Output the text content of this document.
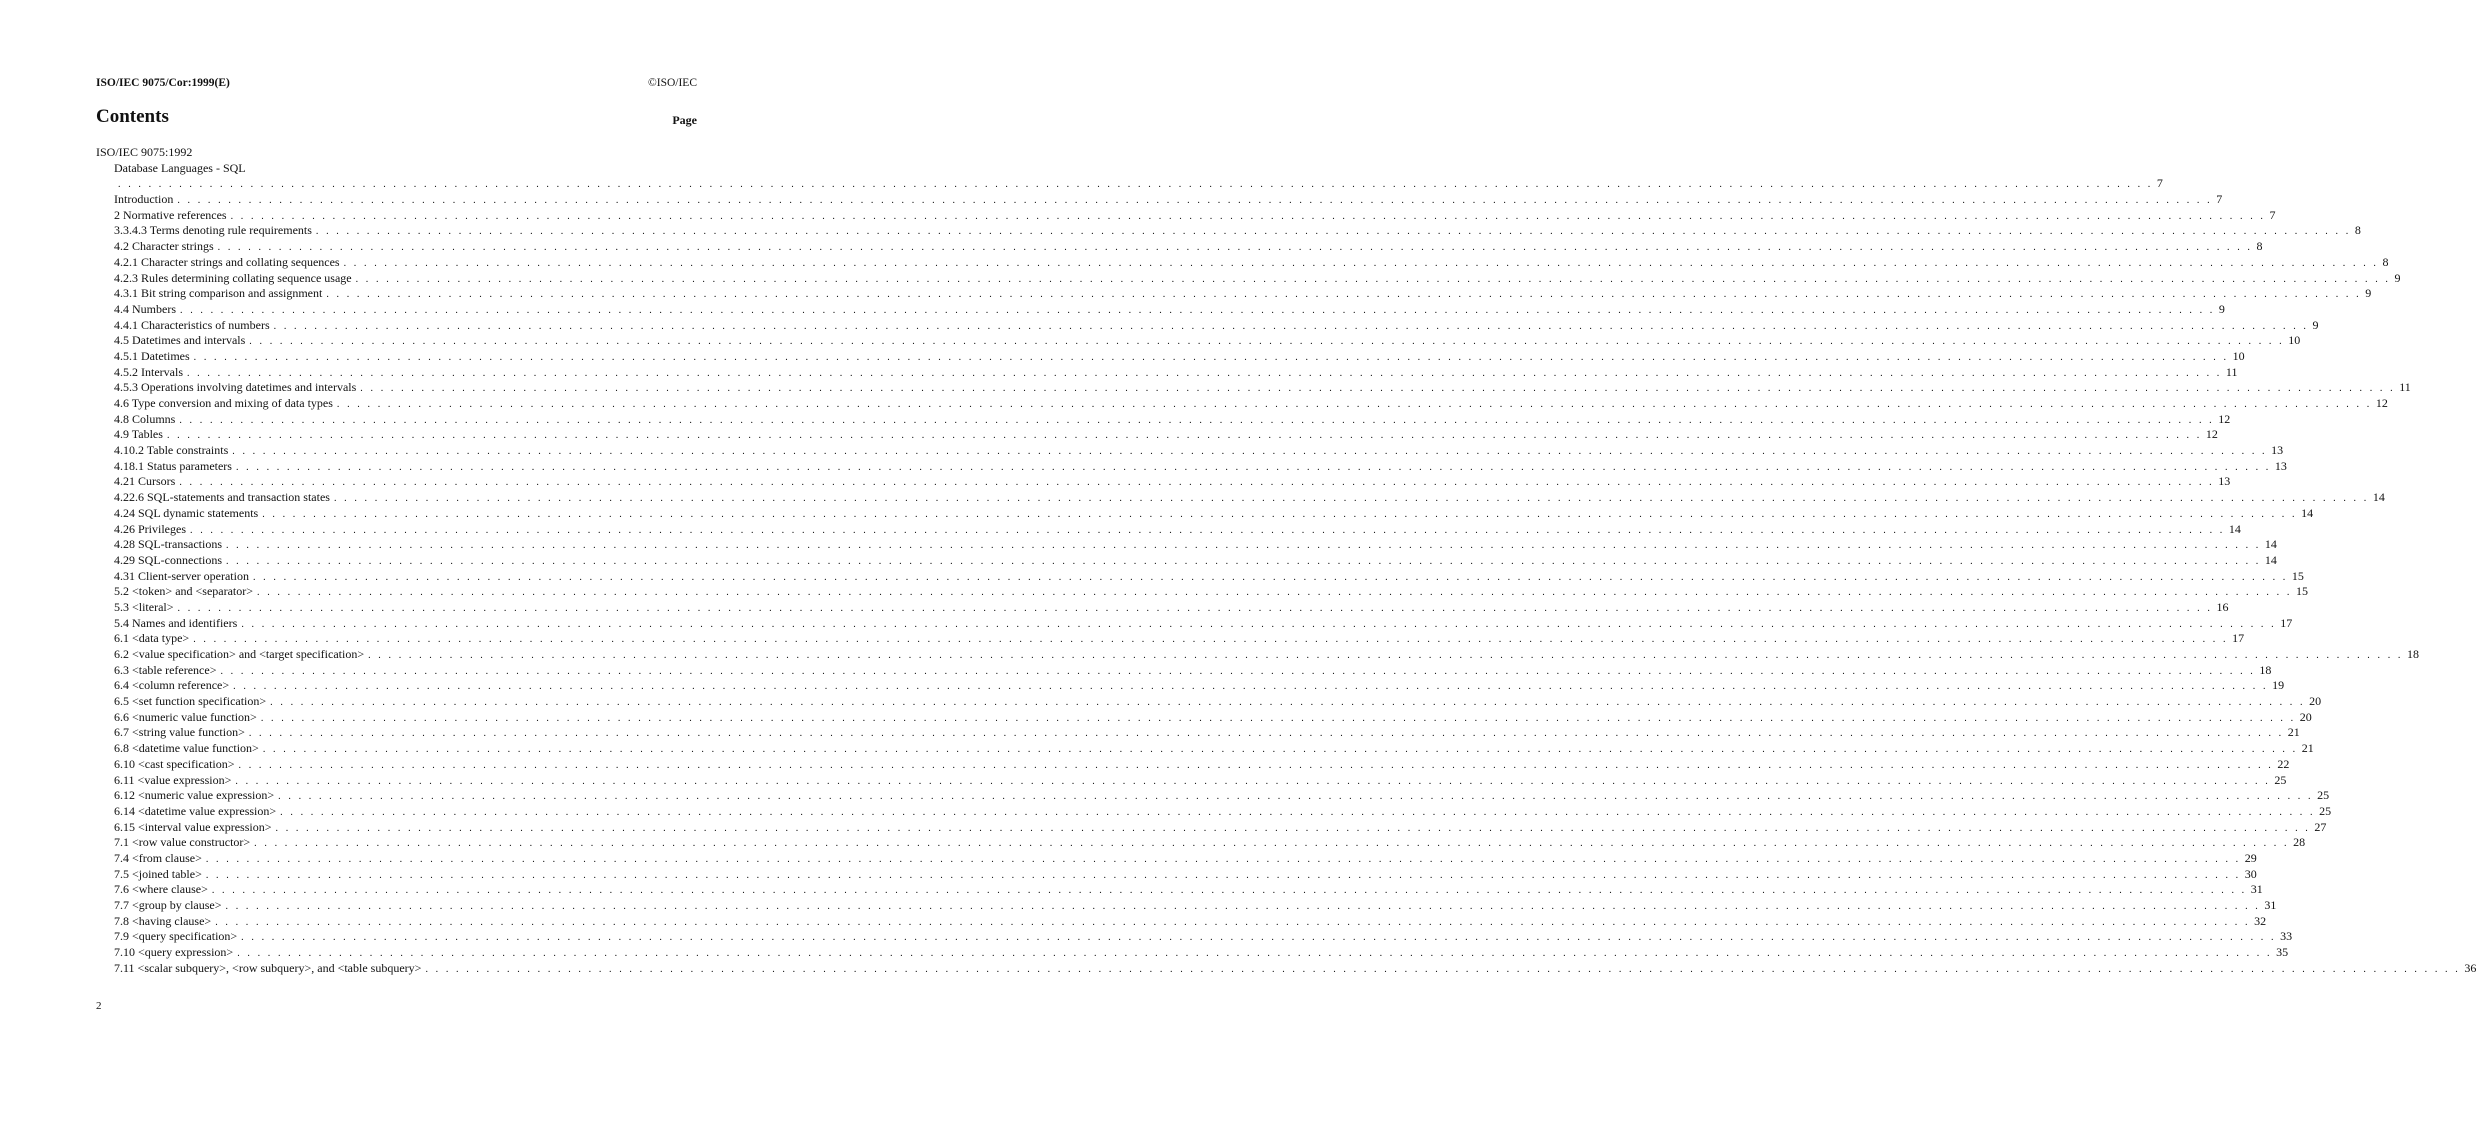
ISO/IEC 9075/Cor:1999(E)	©ISO/IEC
Contents	Page
ISO/IEC 9075:1992
Database Languages - SQL
. . . . . . . . . . . . . . . . . . . . . . . . . . . . . . . . . . . . . . . . . . . . . . . . . . . . . . . . . . . . . . . . . . . . . . . . . . . . . . . . . . . . . . . . . . . . . . . . . . . . . . . . . . . . . . . . . . . . . . . . . . . . . . . . . . . . . . . . . . . . . . . . . . . . . . . . . . . . . . . . . . . . . . . . . . . . . . . . . . . . . . . . . . . . . . . . . . . . . . . . 7
Introduction . . . . . . . . . . . . . . . . . . . . . . . . . . . . . . . . . . . . . . . . . . . . . . . . . . . . . . . . . . . . . . . . . . . . . . . . . . . . . . . . . . . . . . . . . . . . . . . . . . . . . . . . . . . . . . . . . . . . . . . . . . . . . . . . . . . . . . . . . . . . . . . . . . . . . . . . . . . . . . . . . . . . . . . . . . . . . . . . . . . . . . . . . . . . . . . . . . . . . . . . 7
2 Normative references . . . . . . . . . . . . . . . . . . . . . . . . . . . . . . . . . . . . . . . . . . . . . . . . . . . . . . . . . . . . . . . . . . . . . . . . . . . . . . . . . . . . . . . . . . . . . . . . . . . . . . . . . . . . . . . . . . . . . . . . . . . . . . . . . . . . . . . . . . . . . . . . . . . . . . . . . . . . . . . . . . . . . . . . . . . . . . . . . . . . . . . . . . . . . . . . . . . . . . . . 7
3.3.4.3 Terms denoting rule requirements . . . . . . . . . . . . . . . . . . . . . . . . . . . . . . . . . . . . . . . . . . . . . . . . . . . . . . . . . . . . . . . . . . . . . . . . . . . . . . . . . . . . . . . . . . . . . . . . . . . . . . . . . . . . . . . . . . . . . . . . . . . . . . . . . . . . . . . . . . . . . . . . . . . . . . . . . . . . . . . . . . . . . . . . . . . . . . . . . . . . . . . . . . . . . . . . . . . . . . . . 8
4.2 Character strings . . . . . . . . . . . . . . . . . . . . . . . . . . . . . . . . . . . . . . . . . . . . . . . . . . . . . . . . . . . . . . . . . . . . . . . . . . . . . . . . . . . . . . . . . . . . . . . . . . . . . . . . . . . . . . . . . . . . . . . . . . . . . . . . . . . . . . . . . . . . . . . . . . . . . . . . . . . . . . . . . . . . . . . . . . . . . . . . . . . . . . . . . . . . . . . . . . . . . . . . 8
4.2.1 Character strings and collating sequences . . . . . . . . . . . . . . . . . . . . . . . . . . . . . . . . . . . . . . . . . . . . . . . . . . . . . . . . . . . . . . . . . . . . . . . . . . . . . . . . . . . . . . . . . . . . . . . . . . . . . . . . . . . . . . . . . . . . . . . . . . . . . . . . . . . . . . . . . . . . . . . . . . . . . . . . . . . . . . . . . . . . . . . . . . . . . . . . . . . . . . . . . . . . . . . . . . . . . . . . 8
4.2.3 Rules determining collating sequence usage . . . . . . . . . . . . . . . . . . . . . . . . . . . . . . . . . . . . . . . . . . . . . . . . . . . . . . . . . . . . . . . . . . . . . . . . . . . . . . . . . . . . . . . . . . . . . . . . . . . . . . . . . . . . . . . . . . . . . . . . . . . . . . . . . . . . . . . . . . . . . . . . . . . . . . . . . . . . . . . . . . . . . . . . . . . . . . . . . . . . . . . . . . . . . . . . . . . . . . . . 9
4.3.1 Bit string comparison and assignment . . . . . . . . . . . . . . . . . . . . . . . . . . . . . . . . . . . . . . . . . . . . . . . . . . . . . . . . . . . . . . . . . . . . . . . . . . . . . . . . . . . . . . . . . . . . . . . . . . . . . . . . . . . . . . . . . . . . . . . . . . . . . . . . . . . . . . . . . . . . . . . . . . . . . . . . . . . . . . . . . . . . . . . . . . . . . . . . . . . . . . . . . . . . . . . . . . . . . . . . 9
4.4 Numbers . . . . . . . . . . . . . . . . . . . . . . . . . . . . . . . . . . . . . . . . . . . . . . . . . . . . . . . . . . . . . . . . . . . . . . . . . . . . . . . . . . . . . . . . . . . . . . . . . . . . . . . . . . . . . . . . . . . . . . . . . . . . . . . . . . . . . . . . . . . . . . . . . . . . . . . . . . . . . . . . . . . . . . . . . . . . . . . . . . . . . . . . . . . . . . . . . . . . . . . . 9
4.4.1 Characteristics of numbers . . . . . . . . . . . . . . . . . . . . . . . . . . . . . . . . . . . . . . . . . . . . . . . . . . . . . . . . . . . . . . . . . . . . . . . . . . . . . . . . . . . . . . . . . . . . . . . . . . . . . . . . . . . . . . . . . . . . . . . . . . . . . . . . . . . . . . . . . . . . . . . . . . . . . . . . . . . . . . . . . . . . . . . . . . . . . . . . . . . . . . . . . . . . . . . . . . . . . . . . 9
4.5 Datetimes and intervals . . . . . . . . . . . . . . . . . . . . . . . . . . . . . . . . . . . . . . . . . . . . . . . . . . . . . . . . . . . . . . . . . . . . . . . . . . . . . . . . . . . . . . . . . . . . . . . . . . . . . . . . . . . . . . . . . . . . . . . . . . . . . . . . . . . . . . . . . . . . . . . . . . . . . . . . . . . . . . . . . . . . . . . . . . . . . . . . . . . . . . . . . . . . . . . . . . . . . . . . 10
4.5.1 Datetimes . . . . . . . . . . . . . . . . . . . . . . . . . . . . . . . . . . . . . . . . . . . . . . . . . . . . . . . . . . . . . . . . . . . . . . . . . . . . . . . . . . . . . . . . . . . . . . . . . . . . . . . . . . . . . . . . . . . . . . . . . . . . . . . . . . . . . . . . . . . . . . . . . . . . . . . . . . . . . . . . . . . . . . . . . . . . . . . . . . . . . . . . . . . . . . . . . . . . . . . . 10
4.5.2 Intervals . . . . . . . . . . . . . . . . . . . . . . . . . . . . . . . . . . . . . . . . . . . . . . . . . . . . . . . . . . . . . . . . . . . . . . . . . . . . . . . . . . . . . . . . . . . . . . . . . . . . . . . . . . . . . . . . . . . . . . . . . . . . . . . . . . . . . . . . . . . . . . . . . . . . . . . . . . . . . . . . . . . . . . . . . . . . . . . . . . . . . . . . . . . . . . . . . . . . . . . . 11
4.5.3 Operations involving datetimes and intervals . . . . . . . . . . . . . . . . . . . . . . . . . . . . . . . . . . . . . . . . . . . . . . . . . . . . . . . . . . . . . . . . . . . . . . . . . . . . . . . . . . . . . . . . . . . . . . . . . . . . . . . . . . . . . . . . . . . . . . . . . . . . . . . . . . . . . . . . . . . . . . . . . . . . . . . . . . . . . . . . . . . . . . . . . . . . . . . . . . . . . . . . . . . . . . . . . . . . . . . . 11
4.6 Type conversion and mixing of data types . . . . . . . . . . . . . . . . . . . . . . . . . . . . . . . . . . . . . . . . . . . . . . . . . . . . . . . . . . . . . . . . . . . . . . . . . . . . . . . . . . . . . . . . . . . . . . . . . . . . . . . . . . . . . . . . . . . . . . . . . . . . . . . . . . . . . . . . . . . . . . . . . . . . . . . . . . . . . . . . . . . . . . . . . . . . . . . . . . . . . . . . . . . . . . . . . . . . . . . . 12
4.8 Columns . . . . . . . . . . . . . . . . . . . . . . . . . . . . . . . . . . . . . . . . . . . . . . . . . . . . . . . . . . . . . . . . . . . . . . . . . . . . . . . . . . . . . . . . . . . . . . . . . . . . . . . . . . . . . . . . . . . . . . . . . . . . . . . . . . . . . . . . . . . . . . . . . . . . . . . . . . . . . . . . . . . . . . . . . . . . . . . . . . . . . . . . . . . . . . . . . . . . . . . . 12
4.9 Tables . . . . . . . . . . . . . . . . . . . . . . . . . . . . . . . . . . . . . . . . . . . . . . . . . . . . . . . . . . . . . . . . . . . . . . . . . . . . . . . . . . . . . . . . . . . . . . . . . . . . . . . . . . . . . . . . . . . . . . . . . . . . . . . . . . . . . . . . . . . . . . . . . . . . . . . . . . . . . . . . . . . . . . . . . . . . . . . . . . . . . . . . . . . . . . . . . . . . . . . . 12
4.10.2 Table constraints . . . . . . . . . . . . . . . . . . . . . . . . . . . . . . . . . . . . . . . . . . . . . . . . . . . . . . . . . . . . . . . . . . . . . . . . . . . . . . . . . . . . . . . . . . . . . . . . . . . . . . . . . . . . . . . . . . . . . . . . . . . . . . . . . . . . . . . . . . . . . . . . . . . . . . . . . . . . . . . . . . . . . . . . . . . . . . . . . . . . . . . . . . . . . . . . . . . . . . . . 13
4.18.1 Status parameters . . . . . . . . . . . . . . . . . . . . . . . . . . . . . . . . . . . . . . . . . . . . . . . . . . . . . . . . . . . . . . . . . . . . . . . . . . . . . . . . . . . . . . . . . . . . . . . . . . . . . . . . . . . . . . . . . . . . . . . . . . . . . . . . . . . . . . . . . . . . . . . . . . . . . . . . . . . . . . . . . . . . . . . . . . . . . . . . . . . . . . . . . . . . . . . . . . . . . . . . 13
4.21 Cursors . . . . . . . . . . . . . . . . . . . . . . . . . . . . . . . . . . . . . . . . . . . . . . . . . . . . . . . . . . . . . . . . . . . . . . . . . . . . . . . . . . . . . . . . . . . . . . . . . . . . . . . . . . . . . . . . . . . . . . . . . . . . . . . . . . . . . . . . . . . . . . . . . . . . . . . . . . . . . . . . . . . . . . . . . . . . . . . . . . . . . . . . . . . . . . . . . . . . . . . . 13
4.22.6 SQL-statements and transaction states . . . . . . . . . . . . . . . . . . . . . . . . . . . . . . . . . . . . . . . . . . . . . . . . . . . . . . . . . . . . . . . . . . . . . . . . . . . . . . . . . . . . . . . . . . . . . . . . . . . . . . . . . . . . . . . . . . . . . . . . . . . . . . . . . . . . . . . . . . . . . . . . . . . . . . . . . . . . . . . . . . . . . . . . . . . . . . . . . . . . . . . . . . . . . . . . . . . . . . . . 14
4.24 SQL dynamic statements . . . . . . . . . . . . . . . . . . . . . . . . . . . . . . . . . . . . . . . . . . . . . . . . . . . . . . . . . . . . . . . . . . . . . . . . . . . . . . . . . . . . . . . . . . . . . . . . . . . . . . . . . . . . . . . . . . . . . . . . . . . . . . . . . . . . . . . . . . . . . . . . . . . . . . . . . . . . . . . . . . . . . . . . . . . . . . . . . . . . . . . . . . . . . . . . . . . . . . . . 14
4.26 Privileges . . . . . . . . . . . . . . . . . . . . . . . . . . . . . . . . . . . . . . . . . . . . . . . . . . . . . . . . . . . . . . . . . . . . . . . . . . . . . . . . . . . . . . . . . . . . . . . . . . . . . . . . . . . . . . . . . . . . . . . . . . . . . . . . . . . . . . . . . . . . . . . . . . . . . . . . . . . . . . . . . . . . . . . . . . . . . . . . . . . . . . . . . . . . . . . . . . . . . . . . 14
4.28 SQL-transactions . . . . . . . . . . . . . . . . . . . . . . . . . . . . . . . . . . . . . . . . . . . . . . . . . . . . . . . . . . . . . . . . . . . . . . . . . . . . . . . . . . . . . . . . . . . . . . . . . . . . . . . . . . . . . . . . . . . . . . . . . . . . . . . . . . . . . . . . . . . . . . . . . . . . . . . . . . . . . . . . . . . . . . . . . . . . . . . . . . . . . . . . . . . . . . . . . . . . . . . . 14
4.29 SQL-connections . . . . . . . . . . . . . . . . . . . . . . . . . . . . . . . . . . . . . . . . . . . . . . . . . . . . . . . . . . . . . . . . . . . . . . . . . . . . . . . . . . . . . . . . . . . . . . . . . . . . . . . . . . . . . . . . . . . . . . . . . . . . . . . . . . . . . . . . . . . . . . . . . . . . . . . . . . . . . . . . . . . . . . . . . . . . . . . . . . . . . . . . . . . . . . . . . . . . . . . . 14
4.31 Client-server operation . . . . . . . . . . . . . . . . . . . . . . . . . . . . . . . . . . . . . . . . . . . . . . . . . . . . . . . . . . . . . . . . . . . . . . . . . . . . . . . . . . . . . . . . . . . . . . . . . . . . . . . . . . . . . . . . . . . . . . . . . . . . . . . . . . . . . . . . . . . . . . . . . . . . . . . . . . . . . . . . . . . . . . . . . . . . . . . . . . . . . . . . . . . . . . . . . . . . . . . . 15
5.2 <token> and <separator> . . . . . . . . . . . . . . . . . . . . . . . . . . . . . . . . . . . . . . . . . . . . . . . . . . . . . . . . . . . . . . . . . . . . . . . . . . . . . . . . . . . . . . . . . . . . . . . . . . . . . . . . . . . . . . . . . . . . . . . . . . . . . . . . . . . . . . . . . . . . . . . . . . . . . . . . . . . . . . . . . . . . . . . . . . . . . . . . . . . . . . . . . . . . . . . . . . . . . . . . 15
5.3 <literal> . . . . . . . . . . . . . . . . . . . . . . . . . . . . . . . . . . . . . . . . . . . . . . . . . . . . . . . . . . . . . . . . . . . . . . . . . . . . . . . . . . . . . . . . . . . . . . . . . . . . . . . . . . . . . . . . . . . . . . . . . . . . . . . . . . . . . . . . . . . . . . . . . . . . . . . . . . . . . . . . . . . . . . . . . . . . . . . . . . . . . . . . . . . . . . . . . . . . . . . . 16
5.4 Names and identifiers . . . . . . . . . . . . . . . . . . . . . . . . . . . . . . . . . . . . . . . . . . . . . . . . . . . . . . . . . . . . . . . . . . . . . . . . . . . . . . . . . . . . . . . . . . . . . . . . . . . . . . . . . . . . . . . . . . . . . . . . . . . . . . . . . . . . . . . . . . . . . . . . . . . . . . . . . . . . . . . . . . . . . . . . . . . . . . . . . . . . . . . . . . . . . . . . . . . . . . . . 17
6.1 <data type> . . . . . . . . . . . . . . . . . . . . . . . . . . . . . . . . . . . . . . . . . . . . . . . . . . . . . . . . . . . . . . . . . . . . . . . . . . . . . . . . . . . . . . . . . . . . . . . . . . . . . . . . . . . . . . . . . . . . . . . . . . . . . . . . . . . . . . . . . . . . . . . . . . . . . . . . . . . . . . . . . . . . . . . . . . . . . . . . . . . . . . . . . . . . . . . . . . . . . . . . 17
6.2 <value specification> and <target specification> . . . . . . . . . . . . . . . . . . . . . . . . . . . . . . . . . . . . . . . . . . . . . . . . . . . . . . . . . . . . . . . . . . . . . . . . . . . . . . . . . . . . . . . . . . . . . . . . . . . . . . . . . . . . . . . . . . . . . . . . . . . . . . . . . . . . . . . . . . . . . . . . . . . . . . . . . . . . . . . . . . . . . . . . . . . . . . . . . . . . . . . . . . . . . . . . . . . . . . . . 18
6.3 <table reference> . . . . . . . . . . . . . . . . . . . . . . . . . . . . . . . . . . . . . . . . . . . . . . . . . . . . . . . . . . . . . . . . . . . . . . . . . . . . . . . . . . . . . . . . . . . . . . . . . . . . . . . . . . . . . . . . . . . . . . . . . . . . . . . . . . . . . . . . . . . . . . . . . . . . . . . . . . . . . . . . . . . . . . . . . . . . . . . . . . . . . . . . . . . . . . . . . . . . . . . . 18
6.4 <column reference> . . . . . . . . . . . . . . . . . . . . . . . . . . . . . . . . . . . . . . . . . . . . . . . . . . . . . . . . . . . . . . . . . . . . . . . . . . . . . . . . . . . . . . . . . . . . . . . . . . . . . . . . . . . . . . . . . . . . . . . . . . . . . . . . . . . . . . . . . . . . . . . . . . . . . . . . . . . . . . . . . . . . . . . . . . . . . . . . . . . . . . . . . . . . . . . . . . . . . . . . 19
6.5 <set function specification> . . . . . . . . . . . . . . . . . . . . . . . . . . . . . . . . . . . . . . . . . . . . . . . . . . . . . . . . . . . . . . . . . . . . . . . . . . . . . . . . . . . . . . . . . . . . . . . . . . . . . . . . . . . . . . . . . . . . . . . . . . . . . . . . . . . . . . . . . . . . . . . . . . . . . . . . . . . . . . . . . . . . . . . . . . . . . . . . . . . . . . . . . . . . . . . . . . . . . . . . 20
6.6 <numeric value function> . . . . . . . . . . . . . . . . . . . . . . . . . . . . . . . . . . . . . . . . . . . . . . . . . . . . . . . . . . . . . . . . . . . . . . . . . . . . . . . . . . . . . . . . . . . . . . . . . . . . . . . . . . . . . . . . . . . . . . . . . . . . . . . . . . . . . . . . . . . . . . . . . . . . . . . . . . . . . . . . . . . . . . . . . . . . . . . . . . . . . . . . . . . . . . . . . . . . . . . . 20
6.7 <string value function> . . . . . . . . . . . . . . . . . . . . . . . . . . . . . . . . . . . . . . . . . . . . . . . . . . . . . . . . . . . . . . . . . . . . . . . . . . . . . . . . . . . . . . . . . . . . . . . . . . . . . . . . . . . . . . . . . . . . . . . . . . . . . . . . . . . . . . . . . . . . . . . . . . . . . . . . . . . . . . . . . . . . . . . . . . . . . . . . . . . . . . . . . . . . . . . . . . . . . . . . 21
6.8 <datetime value function> . . . . . . . . . . . . . . . . . . . . . . . . . . . . . . . . . . . . . . . . . . . . . . . . . . . . . . . . . . . . . . . . . . . . . . . . . . . . . . . . . . . . . . . . . . . . . . . . . . . . . . . . . . . . . . . . . . . . . . . . . . . . . . . . . . . . . . . . . . . . . . . . . . . . . . . . . . . . . . . . . . . . . . . . . . . . . . . . . . . . . . . . . . . . . . . . . . . . . . . . 21
6.10 <cast specification> . . . . . . . . . . . . . . . . . . . . . . . . . . . . . . . . . . . . . . . . . . . . . . . . . . . . . . . . . . . . . . . . . . . . . . . . . . . . . . . . . . . . . . . . . . . . . . . . . . . . . . . . . . . . . . . . . . . . . . . . . . . . . . . . . . . . . . . . . . . . . . . . . . . . . . . . . . . . . . . . . . . . . . . . . . . . . . . . . . . . . . . . . . . . . . . . . . . . . . . . 22
6.11 <value expression> . . . . . . . . . . . . . . . . . . . . . . . . . . . . . . . . . . . . . . . . . . . . . . . . . . . . . . . . . . . . . . . . . . . . . . . . . . . . . . . . . . . . . . . . . . . . . . . . . . . . . . . . . . . . . . . . . . . . . . . . . . . . . . . . . . . . . . . . . . . . . . . . . . . . . . . . . . . . . . . . . . . . . . . . . . . . . . . . . . . . . . . . . . . . . . . . . . . . . . . . 25
6.12 <numeric value expression> . . . . . . . . . . . . . . . . . . . . . . . . . . . . . . . . . . . . . . . . . . . . . . . . . . . . . . . . . . . . . . . . . . . . . . . . . . . . . . . . . . . . . . . . . . . . . . . . . . . . . . . . . . . . . . . . . . . . . . . . . . . . . . . . . . . . . . . . . . . . . . . . . . . . . . . . . . . . . . . . . . . . . . . . . . . . . . . . . . . . . . . . . . . . . . . . . . . . . . . . 25
6.14 <datetime value expression> . . . . . . . . . . . . . . . . . . . . . . . . . . . . . . . . . . . . . . . . . . . . . . . . . . . . . . . . . . . . . . . . . . . . . . . . . . . . . . . . . . . . . . . . . . . . . . . . . . . . . . . . . . . . . . . . . . . . . . . . . . . . . . . . . . . . . . . . . . . . . . . . . . . . . . . . . . . . . . . . . . . . . . . . . . . . . . . . . . . . . . . . . . . . . . . . . . . . . . . . 25
6.15 <interval value expression> . . . . . . . . . . . . . . . . . . . . . . . . . . . . . . . . . . . . . . . . . . . . . . . . . . . . . . . . . . . . . . . . . . . . . . . . . . . . . . . . . . . . . . . . . . . . . . . . . . . . . . . . . . . . . . . . . . . . . . . . . . . . . . . . . . . . . . . . . . . . . . . . . . . . . . . . . . . . . . . . . . . . . . . . . . . . . . . . . . . . . . . . . . . . . . . . . . . . . . . . 27
7.1 <row value constructor> . . . . . . . . . . . . . . . . . . . . . . . . . . . . . . . . . . . . . . . . . . . . . . . . . . . . . . . . . . . . . . . . . . . . . . . . . . . . . . . . . . . . . . . . . . . . . . . . . . . . . . . . . . . . . . . . . . . . . . . . . . . . . . . . . . . . . . . . . . . . . . . . . . . . . . . . . . . . . . . . . . . . . . . . . . . . . . . . . . . . . . . . . . . . . . . . . . . . . . . . 28
7.4 <from clause> . . . . . . . . . . . . . . . . . . . . . . . . . . . . . . . . . . . . . . . . . . . . . . . . . . . . . . . . . . . . . . . . . . . . . . . . . . . . . . . . . . . . . . . . . . . . . . . . . . . . . . . . . . . . . . . . . . . . . . . . . . . . . . . . . . . . . . . . . . . . . . . . . . . . . . . . . . . . . . . . . . . . . . . . . . . . . . . . . . . . . . . . . . . . . . . . . . . . . . . . 29
7.5 <joined table> . . . . . . . . . . . . . . . . . . . . . . . . . . . . . . . . . . . . . . . . . . . . . . . . . . . . . . . . . . . . . . . . . . . . . . . . . . . . . . . . . . . . . . . . . . . . . . . . . . . . . . . . . . . . . . . . . . . . . . . . . . . . . . . . . . . . . . . . . . . . . . . . . . . . . . . . . . . . . . . . . . . . . . . . . . . . . . . . . . . . . . . . . . . . . . . . . . . . . . . . 30
7.6 <where clause> . . . . . . . . . . . . . . . . . . . . . . . . . . . . . . . . . . . . . . . . . . . . . . . . . . . . . . . . . . . . . . . . . . . . . . . . . . . . . . . . . . . . . . . . . . . . . . . . . . . . . . . . . . . . . . . . . . . . . . . . . . . . . . . . . . . . . . . . . . . . . . . . . . . . . . . . . . . . . . . . . . . . . . . . . . . . . . . . . . . . . . . . . . . . . . . . . . . . . . . . 31
7.7 <group by clause> . . . . . . . . . . . . . . . . . . . . . . . . . . . . . . . . . . . . . . . . . . . . . . . . . . . . . . . . . . . . . . . . . . . . . . . . . . . . . . . . . . . . . . . . . . . . . . . . . . . . . . . . . . . . . . . . . . . . . . . . . . . . . . . . . . . . . . . . . . . . . . . . . . . . . . . . . . . . . . . . . . . . . . . . . . . . . . . . . . . . . . . . . . . . . . . . . . . . . . . . 31
7.8 <having clause> . . . . . . . . . . . . . . . . . . . . . . . . . . . . . . . . . . . . . . . . . . . . . . . . . . . . . . . . . . . . . . . . . . . . . . . . . . . . . . . . . . . . . . . . . . . . . . . . . . . . . . . . . . . . . . . . . . . . . . . . . . . . . . . . . . . . . . . . . . . . . . . . . . . . . . . . . . . . . . . . . . . . . . . . . . . . . . . . . . . . . . . . . . . . . . . . . . . . . . . . 32
7.9 <query specification> . . . . . . . . . . . . . . . . . . . . . . . . . . . . . . . . . . . . . . . . . . . . . . . . . . . . . . . . . . . . . . . . . . . . . . . . . . . . . . . . . . . . . . . . . . . . . . . . . . . . . . . . . . . . . . . . . . . . . . . . . . . . . . . . . . . . . . . . . . . . . . . . . . . . . . . . . . . . . . . . . . . . . . . . . . . . . . . . . . . . . . . . . . . . . . . . . . . . . . . . 33
7.10 <query expression> . . . . . . . . . . . . . . . . . . . . . . . . . . . . . . . . . . . . . . . . . . . . . . . . . . . . . . . . . . . . . . . . . . . . . . . . . . . . . . . . . . . . . . . . . . . . . . . . . . . . . . . . . . . . . . . . . . . . . . . . . . . . . . . . . . . . . . . . . . . . . . . . . . . . . . . . . . . . . . . . . . . . . . . . . . . . . . . . . . . . . . . . . . . . . . . . . . . . . . . . 35
7.11 <scalar subquery>, <row subquery>, and <table subquery> . . . . . . . . . . . . . . . . . . . . . . . . . . . . . . . . . . . . . . . . . . . . . . . . . . . . . . . . . . . . . . . . . . . . . . . . . . . . . . . . . . . . . . . . . . . . . . . . . . . . . . . . . . . . . . . . . . . . . . . . . . . . . . . . . . . . . . . . . . . . . . . . . . . . . . . . . . . . . . . . . . . . . . . . . . . . . . . . . . . . . . . . . . . . . . . . . . . . . . . . 36
2
